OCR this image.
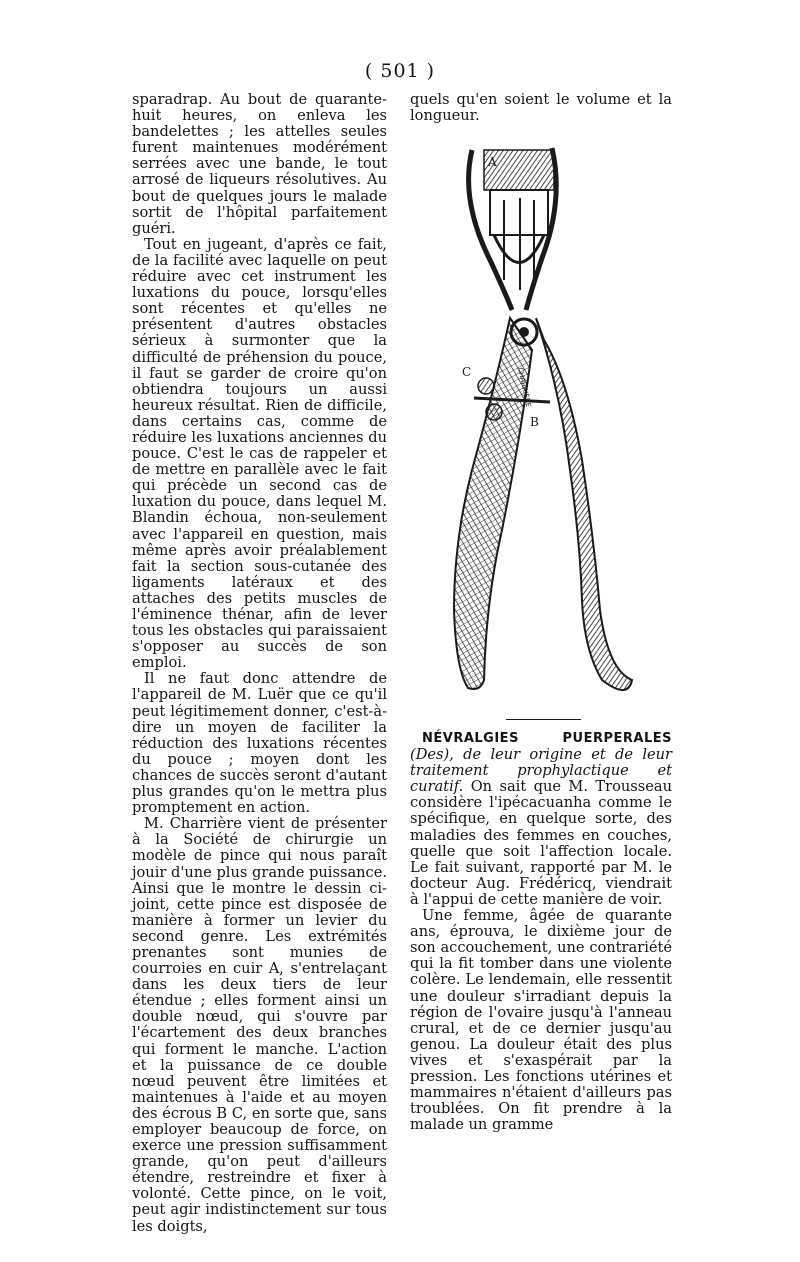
( 501 )

sparadrap. Au bout de quarante-huit heures, on enleva les bandelettes ; les attelles seules furent maintenues modérément serrées avec une bande, le tout arrosé de liqueurs résolutives. Au bout de quelques jours le malade sortit de l'hôpital parfaitement guéri.

Tout en jugeant, d'après ce fait, de la facilité avec laquelle on peut réduire avec cet instrument les luxations du pouce, lorsqu'elles sont récentes et qu'elles ne présentent d'autres obstacles sérieux à surmonter que la difficulté de préhension du pouce, il faut se garder de croire qu'on obtiendra toujours un aussi heureux résultat. Rien de difficile, dans certains cas, comme de réduire les luxations anciennes du pouce. C'est le cas de rappeler et de mettre en parallèle avec le fait qui précède un second cas de luxation du pouce, dans lequel M. Blandin échoua, non-seulement avec l'appareil en question, mais même après avoir préalablement fait la section sous-cutanée des ligaments latéraux et des attaches des petits muscles de l'éminence thénar, afin de lever tous les obstacles qui paraissaient s'opposer au succès de son emploi.

Il ne faut donc attendre de l'appareil de M. Luër que ce qu'il peut légitimement donner, c'est-à-dire un moyen de faciliter la réduction des luxations récentes du pouce ; moyen dont les chances de succès seront d'autant plus grandes qu'on le mettra plus promptement en action.

M. Charrière vient de présenter à la Société de chirurgie un modèle de pince qui nous paraît jouir d'une plus grande puissance. Ainsi que le montre le dessin ci-joint, cette pince est disposée de manière à former un levier du second genre. Les extrémités prenantes sont munies de courroies en cuir A, s'entrelaçant dans les deux tiers de leur étendue ; elles forment ainsi un double nœud, qui s'ouvre par l'écartement des deux branches qui forment le manche. L'action et la puissance de ce double nœud peuvent être limitées et maintenues à l'aide et au moyen des écrous B C, en sorte que, sans employer beaucoup de force, on exerce une pression suffisamment grande, qu'on peut d'ailleurs étendre, restreindre et fixer à volonté. Cette pince, on le voit, peut agir indistinctement sur tous les doigts,

quels qu'en soient le volume et la longueur.

A
C
B
CHARRIÈRE

NÉVRALGIES PUERPERALES (Des), de leur origine et de leur traitement prophylactique et curatif. On sait que M. Trousseau considère l'ipécacuanha comme le spécifique, en quelque sorte, des maladies des femmes en couches, quelle que soit l'affection locale. Le fait suivant, rapporté par M. le docteur Aug. Frédéricq, viendrait à l'appui de cette manière de voir.

Une femme, âgée de quarante ans, éprouva, le dixième jour de son accouchement, une contrariété qui la fit tomber dans une violente colère. Le lendemain, elle ressentit une douleur s'irradiant depuis la région de l'ovaire jusqu'à l'anneau crural, et de ce dernier jusqu'au genou. La douleur était des plus vives et s'exaspérait par la pression. Les fonctions utérines et mammaires n'étaient d'ailleurs pas troublées. On fit prendre à la malade un gramme
